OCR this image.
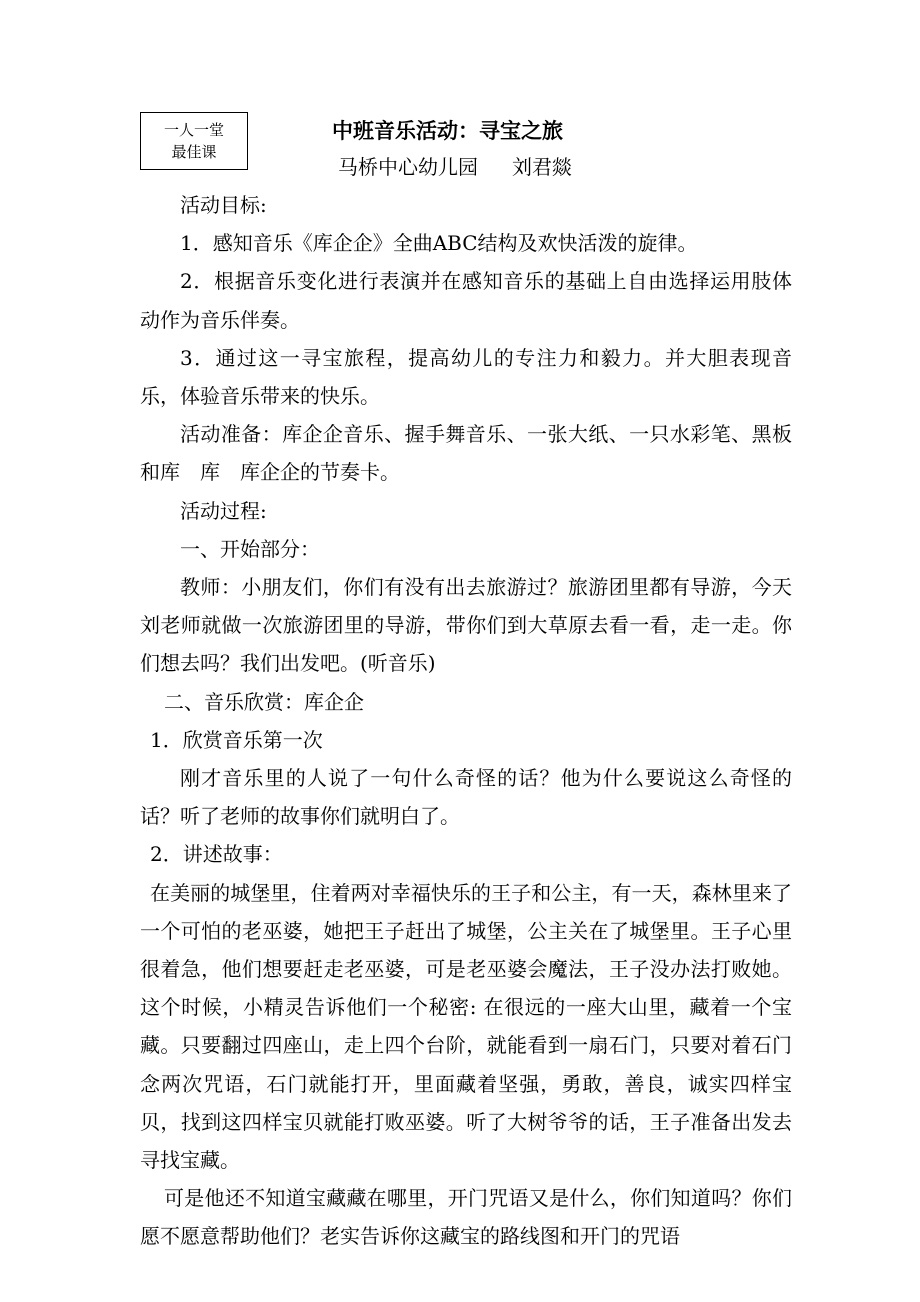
一人一堂
最佳课
中班音乐活动：寻宝之旅
马桥中心幼儿园 刘君燚

活动目标:

1．感知音乐《库企企》全曲ABC结构及欢快活泼的旋律。

2．根据音乐变化进行表演并在感知音乐的基础上自由选择运用肢体动作为音乐伴奏。

3．通过这一寻宝旅程，提高幼儿的专注力和毅力。并大胆表现音乐，体验音乐带来的快乐。

活动准备：库企企音乐、握手舞音乐、一张大纸、一只水彩笔、黑板和库　库　库企企的节奏卡。

活动过程:

一、开始部分：

教师：小朋友们，你们有没有出去旅游过？旅游团里都有导游，今天刘老师就做一次旅游团里的导游，带你们到大草原去看一看，走一走。你们想去吗？我们出发吧。(听音乐)

二、音乐欣赏：库企企

1．欣赏音乐第一次

刚才音乐里的人说了一句什么奇怪的话？他为什么要说这么奇怪的话？听了老师的故事你们就明白了。

2．讲述故事：

在美丽的城堡里，住着两对幸福快乐的王子和公主，有一天，森林里来了一个可怕的老巫婆，她把王子赶出了城堡，公主关在了城堡里。王子心里很着急，他们想要赶走老巫婆，可是老巫婆会魔法，王子没办法打败她。这个时候，小精灵告诉他们一个秘密: 在很远的一座大山里，藏着一个宝藏。只要翻过四座山，走上四个台阶，就能看到一扇石门，只要对着石门念两次咒语，石门就能打开，里面藏着坚强，勇敢，善良，诚实四样宝贝，找到这四样宝贝就能打败巫婆。听了大树爷爷的话，王子准备出发去寻找宝藏。

可是他还不知道宝藏藏在哪里，开门咒语又是什么，你们知道吗？你们愿不愿意帮助他们？老实告诉你这藏宝的路线图和开门的咒语
